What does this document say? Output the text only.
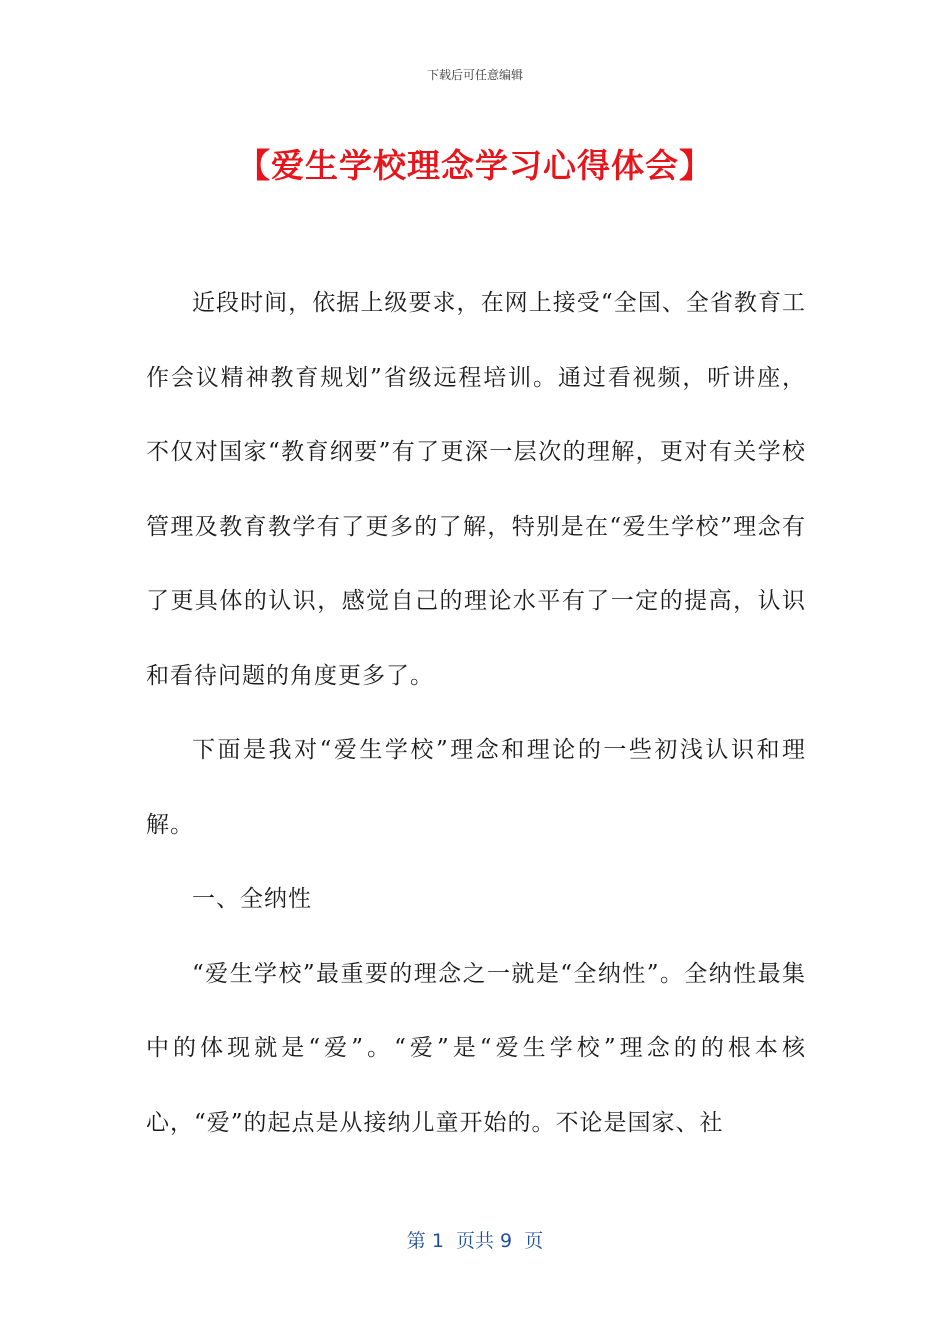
下载后可任意编辑
【爱生学校理念学习心得体会】

近段时间，依据上级要求，在网上接受“全国、全省教育工作会议精神教育规划”省级远程培训。通过看视频，听讲座，不仅对国家“教育纲要”有了更深一层次的理解，更对有关学校管理及教育教学有了更多的了解，特别是在“爱生学校”理念有了更具体的认识，感觉自己的理论水平有了一定的提高，认识和看待问题的角度更多了。

下面是我对“爱生学校”理念和理论的一些初浅认识和理解。

一、全纳性

“爱生学校”最重要的理念之一就是“全纳性”。全纳性最集中的体现就是“爱”。“爱”是“爱生学校”理念的的根本核心，“爱”的起点是从接纳儿童开始的。不论是国家、社

第 1  页共 9  页
